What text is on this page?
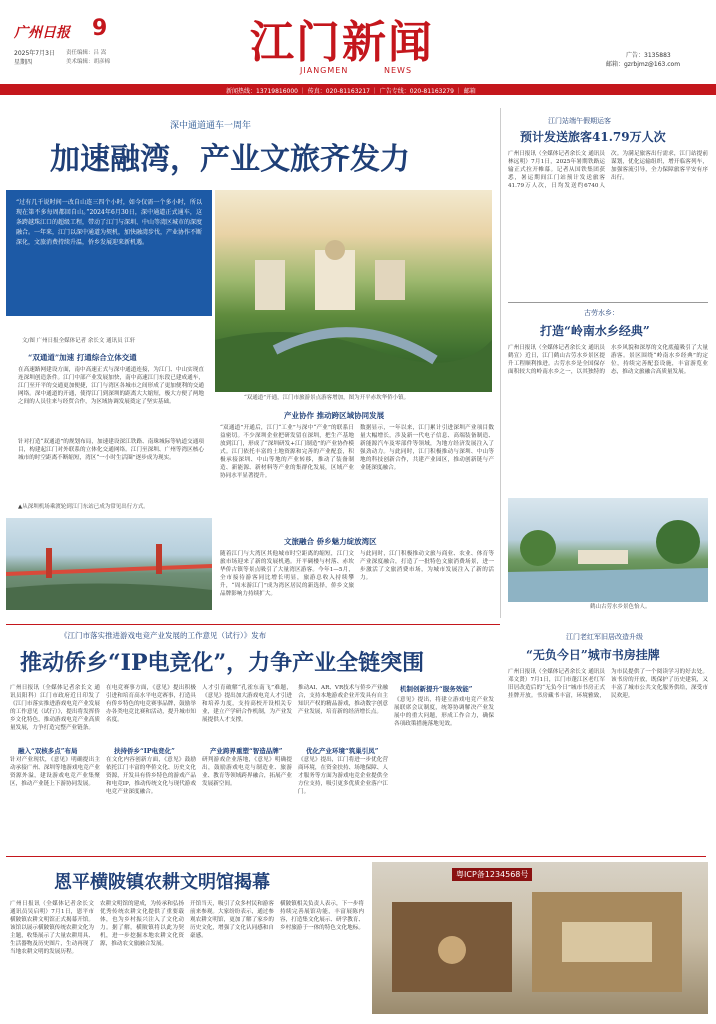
广州日报 9
2025年7月3日
星期四
责任编辑：吕 嵩
美术编辑：胡彦棉	江门新闻
JIANGMEN	NEWS
广告：3135883
邮箱：gzrbjmz@163.com
新闻热线：13719816000 ｜ 传真：020-81163217 ｜ 广告专线：020-81163279 ｜ 邮箱
深中通道通车一周年
加速融湾，产业文旅齐发力
“过有几千说时间一改自山连三四个小时，如今仅需一个多小时，所以现在第不多每周都回自山。”2024年6月30日，深中通道正式通车，这条跨越珠江口的超级工程，带动了江门与深圳、中山等湾区城市的深度融合。一年来，江门以深中通道为契机，加快融湾步伐，产业协作不断深化，文旅消费持续升温，侨乡发展迎来新机遇。
文/图 广州日报全媒体记者 余长文 通讯员 江轩
“双通道”开通，江门市旅游景点游客增加，图为开平赤坎华侨小镇。
“双通道”加速 打通综合立体交通
在高速路网建设方面，南中高速正式与深中通道连接，为江门、中山实现直连深圳创造条件。江门中部产业发展加快，南中高速江门东段已建成通车，江门至开平的交通更加便捷，江门与湾区各城市之间形成了更加便利的交通网络。深中通道的开通，使得江门到深圳的距离大大缩短，极大方便了两地之间的人员往来与经贸合作，为区域协调发展奠定了坚实基础。
针对打造“双通道”的规划布局，加速建设深江铁路、南珠城际等轨道交通项目，构建起江门对外联系的立体化交通网络。江门至深圳、广州等湾区核心城市的时空距离不断缩短，湾区“一小时生活圈”逐步成为现实。
▲从深圳机场乘渡轮到江门东站已成为常见出行方式。
产业协作 推动跨区域协同发展
“双通道”开通后，江门“工业”与深中“产业”的联系日益密切。不少深圳企业把研发留在深圳，把生产基地放到江门，形成了“深圳研发+江门制造”的产业协作模式。江门依托丰富的土地资源和完善的产业配套，积极承接深圳、中山等地的产业转移，推动了装备制造、新能源、新材料等产业的集群化发展，区域产业协同水平显著提升。
数据显示，一年以来，江门累计引进深圳产业项目数量大幅增长，涉及新一代电子信息、高端装备制造、新能源汽车及零部件等领域，为地方经济发展注入了强劲动力。与此同时，江门积极推动与深圳、中山等地的科技创新合作，共建产业园区，推动创新链与产业链深度融合。
文旅融合 侨乡魅力绽放湾区
随着江门与大湾区其他城市时空距离的缩短，江门文旅市场迎来了新的发展机遇。开平碉楼与村落、赤坎华侨古镇等景点吸引了大量湾区游客。今年1—5月，全市接待游客同比增长明显，旅游总收入持续攀升，“周末游江门”成为湾区居民的新选择，侨乡文旅品牌影响力持续扩大。
与此同时，江门积极推动文旅与商业、农业、体育等产业深度融合，打造了一批特色文旅消费场景，进一步激活了文旅消费市场，为城市发展注入了新的活力。
江门站端午假期运客
预计发送旅客41.79万人次
广州日报讯（全媒体记者余长文 通讯员林远明）7月1日，2025年暑期铁路运输正式拉开帷幕。记者从国铁集团获悉，暑运期间江门站预计发送旅客41.79万人次，日均发送约6740人次。为满足旅客出行需求，江门站提前谋划，优化运输组织，增开临客列车，加强客流引导，全力保障旅客平安有序出行。
古劳水乡：
打造“岭南水乡经典”
广州日报讯（全媒体记者余长文 通讯员鹤宣）近日，江门鹤山古劳水乡景区提升工程顺利推进。古劳水乡是全国保存面积较大的岭南水乡之一，以其独特的水乡风貌和深厚的文化底蕴吸引了大量游客。景区围绕“岭南水乡经典”的定位，持续完善配套设施，丰富游览业态，推动文旅融合高质量发展。
鹤山古劳水乡景色怡人。
《江门市落实推进游戏电竞产业发展的工作意见（试行）》发布
推动侨乡“IP电竞化”，力争产业全链突围
广州日报讯（全媒体记者余长文 通讯员阳科）江门市政府近日印发了《江门市落实推进游戏电竞产业发展的工作意见（试行）》，提出将发挥侨乡文化特色，推动游戏电竞产业高质量发展，力争打造完整产业链条。
融入“双核多点”布局
针对产业现状，《意见》明确提出主动承接广州、深圳等地游戏电竞产业资源外溢，建设游戏电竞产业集聚区，推动产业链上下游协同发展。
在电竞赛事方面，《意见》提出积极引进和培育高水平电竞赛事，打造具有侨乡特色的电竞赛事品牌，鼓励举办各类电竞比赛和活动，提升城市知名度。
扶持侨乡“IP电竞化”
在文化内容创新方面，《意见》鼓励依托江门丰富的华侨文化、历史文化资源，开发具有侨乡特色的游戏产品和电竞IP，推动传统文化与现代游戏电竞产业深度融合。
人才引育破解“孔雀东南飞”难题，《意见》提出加大游戏电竞人才引进和培养力度，支持高校开设相关专业，建立产学研合作机制，为产业发展提供人才支撑。
产业跨界重塑“智造品牌”
研判游戏企业落地，《意见》明确提出，鼓励游戏电竞与制造业、旅游业、教育等领域跨界融合，拓展产业发展新空间。
推动AI、AR、VR技术与侨乡产业融合，支持本地游戏企业开发具有自主知识产权的精品游戏，推动数字创意产业发展，培育新的经济增长点。
优化产业环境“筑巢引凤”
《意见》提出，江门将进一步优化营商环境，在资金扶持、场地保障、人才服务等方面为游戏电竞企业提供全方位支持，吸引更多优质企业落户江门。
机制创新提升“服务效能”
《意见》提出，将建立游戏电竞产业发展联席会议制度，统筹协调解决产业发展中的重大问题，形成工作合力，确保各项政策措施落地见效。
江门老红军旧居改造升级
“无负今日”城市书房挂牌
广州日报讯（全媒体记者余长文 通讯员邓文贤）7月1日，江门市蓬江区老红军旧居改造后的“无负今日”城市书房正式挂牌开放。书房藏书丰富，环境雅致，为市民提供了一个阅读学习的好去处。该书房的开放，既保护了历史建筑，又丰富了城市公共文化服务供给，深受市民欢迎。
恩平横陂镇农耕文明馆揭幕
广州日报讯（全媒体记者余长文 通讯员吴启明）7月1日，恩平市横陂镇农耕文明馆正式揭幕开馆。该馆以展示横陂镇传统农耕文化为主题，收集展示了大量农耕用具、生活器物及历史图片，生动再现了当地农耕文明的发展历程。
农耕文明馆的建成，为传承和弘扬优秀传统农耕文化提供了重要载体，也为乡村振兴注入了文化动力。据了解，横陂镇将以此为契机，进一步挖掘本地农耕文化资源，推动农文旅融合发展。
开馆当天，吸引了众多村民和游客前来参观。大家纷纷表示，通过参观农耕文明馆，更加了解了家乡的历史文化，增强了文化认同感和自豪感。
横陂镇相关负责人表示，下一步将持续完善展馆功能，丰富展陈内容，打造集文化展示、研学教育、乡村旅游于一体的特色文化地标。
粤ICP备1234568号
